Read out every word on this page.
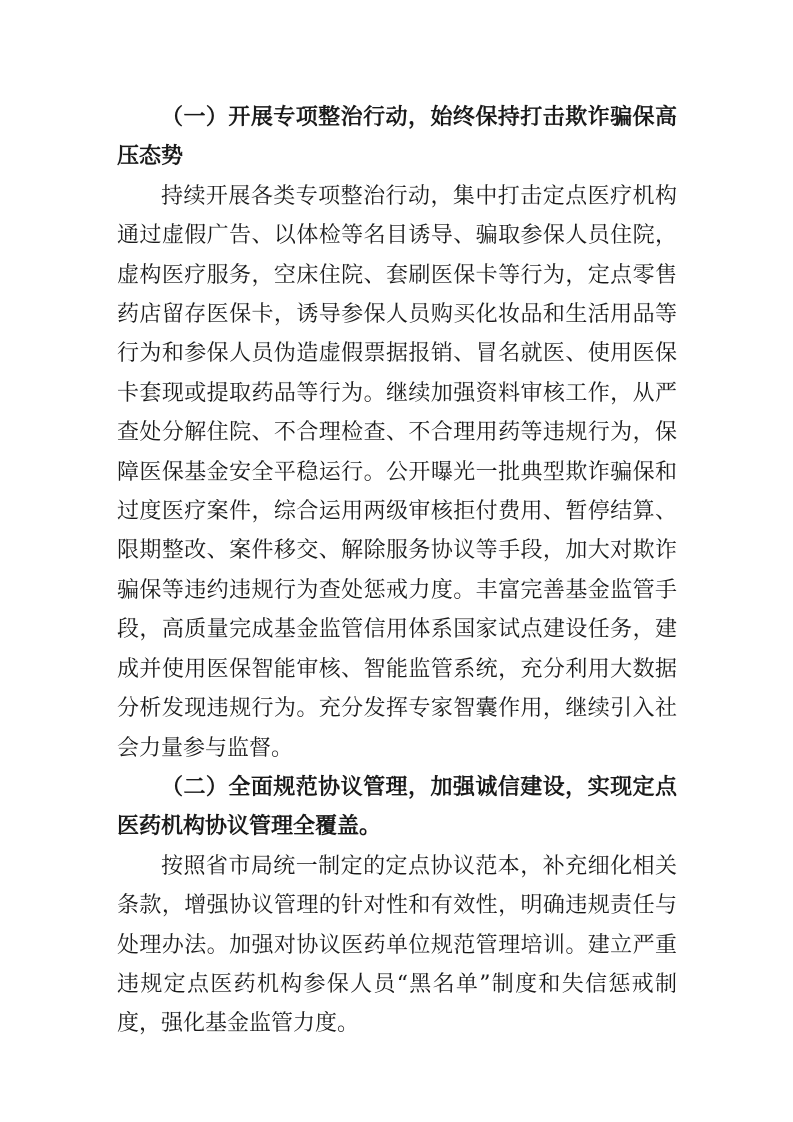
（一）开展专项整治行动，始终保持打击欺诈骗保高压态势

持续开展各类专项整治行动，集中打击定点医疗机构通过虚假广告、以体检等名目诱导、骗取参保人员住院，虚构医疗服务，空床住院、套刷医保卡等行为，定点零售药店留存医保卡，诱导参保人员购买化妆品和生活用品等行为和参保人员伪造虚假票据报销、冒名就医、使用医保卡套现或提取药品等行为。继续加强资料审核工作，从严查处分解住院、不合理检查、不合理用药等违规行为，保障医保基金安全平稳运行。公开曝光一批典型欺诈骗保和过度医疗案件，综合运用两级审核拒付费用、暂停结算、限期整改、案件移交、解除服务协议等手段，加大对欺诈骗保等违约违规行为查处惩戒力度。丰富完善基金监管手段，高质量完成基金监管信用体系国家试点建设任务，建成并使用医保智能审核、智能监管系统，充分利用大数据分析发现违规行为。充分发挥专家智囊作用，继续引入社会力量参与监督。

（二）全面规范协议管理，加强诚信建设，实现定点医药机构协议管理全覆盖。

按照省市局统一制定的定点协议范本，补充细化相关条款，增强协议管理的针对性和有效性，明确违规责任与处理办法。加强对协议医药单位规范管理培训。建立严重违规定点医药机构参保人员“黑名单”制度和失信惩戒制度，强化基金监管力度。
